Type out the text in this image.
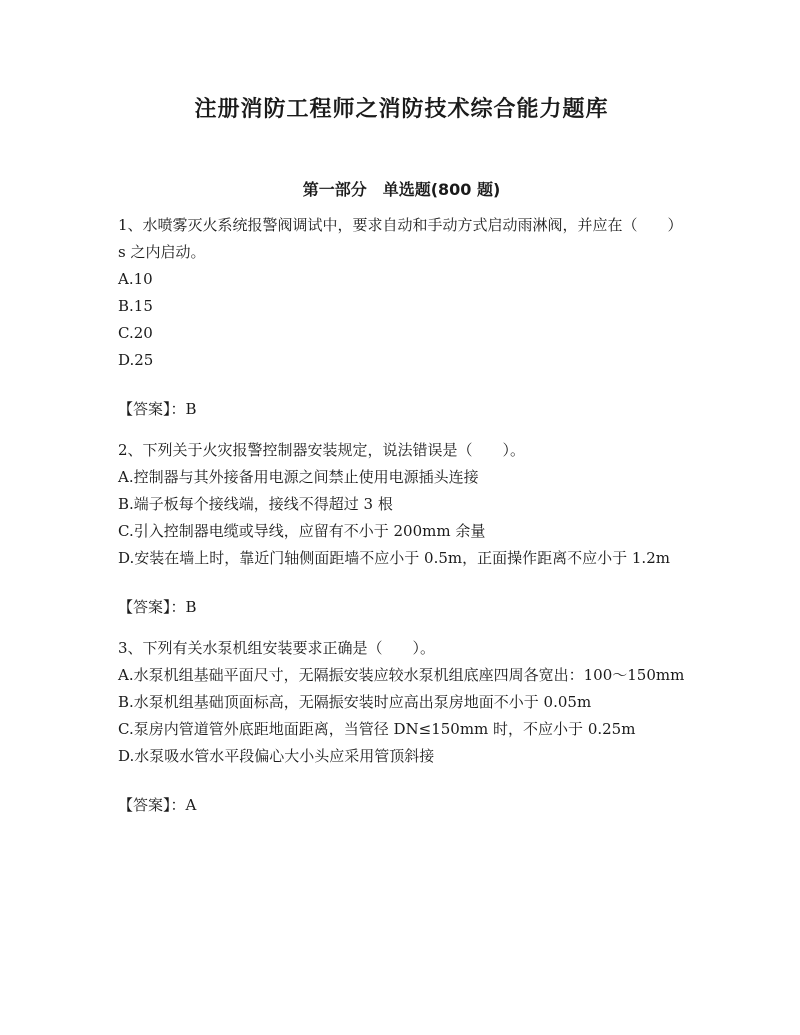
注册消防工程师之消防技术综合能力题库
第一部分　单选题(800 题)

1、水喷雾灭火系统报警阀调试中，要求自动和手动方式启动雨淋阀，并应在（　　）s 之内启动。

A.10

B.15

C.20

D.25

【答案】：B

2、下列关于火灾报警控制器安装规定，说法错误是（　　）。

A.控制器与其外接备用电源之间禁止使用电源插头连接

B.端子板每个接线端，接线不得超过 3 根

C.引入控制器电缆或导线，应留有不小于 200mm 余量

D.安装在墙上时，靠近门轴侧面距墙不应小于 0.5m，正面操作距离不应小于 1.2m

【答案】：B

3、下列有关水泵机组安装要求正确是（　　）。

A.水泵机组基础平面尺寸，无隔振安装应较水泵机组底座四周各宽出：100～150mm

B.水泵机组基础顶面标高，无隔振安装时应高出泵房地面不小于 0.05m

C.泵房内管道管外底距地面距离，当管径 DN≤150mm 时，不应小于 0.25m

D.水泵吸水管水平段偏心大小头应采用管顶斜接

【答案】：A
